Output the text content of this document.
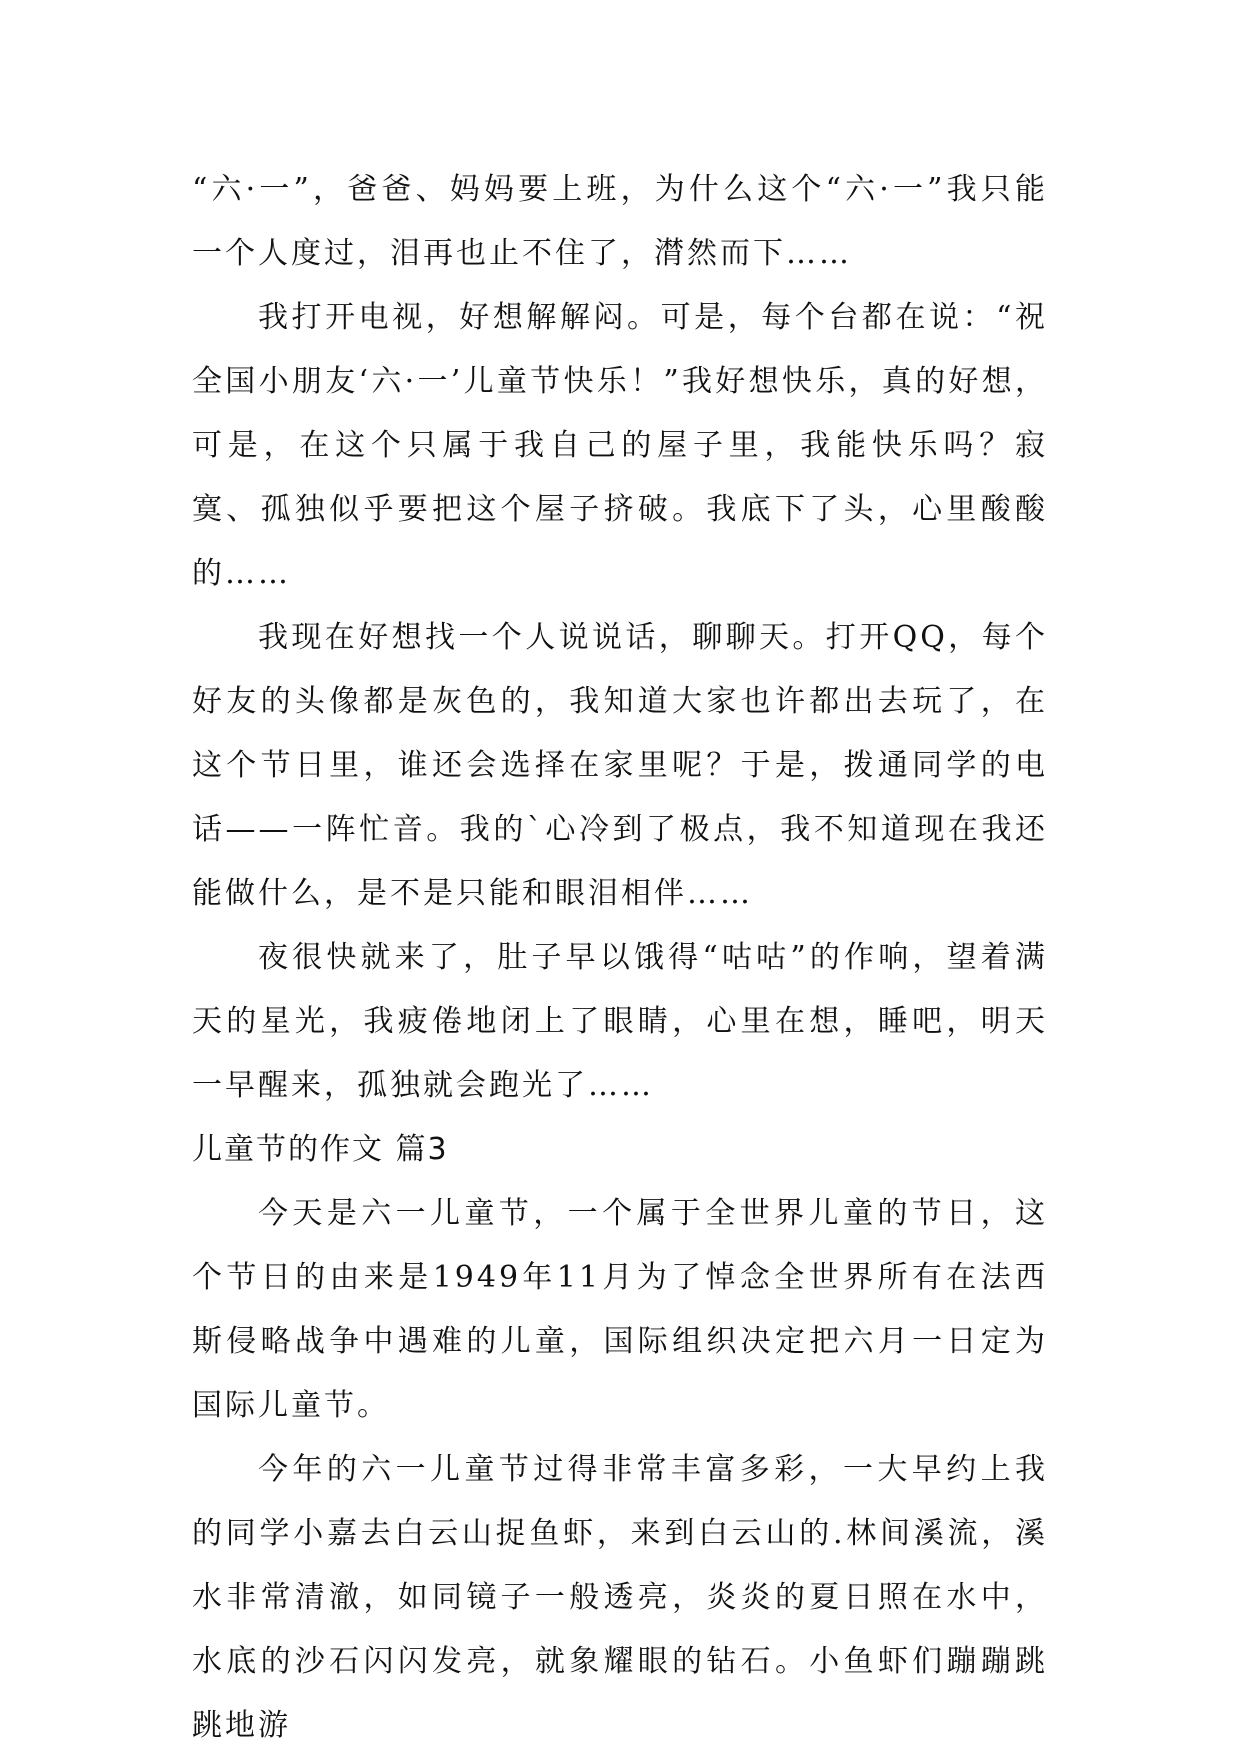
“六·一”，爸爸、妈妈要上班，为什么这个“六·一”我只能一个人度过，泪再也止不住了，潸然而下……

我打开电视，好想解解闷。可是，每个台都在说：“祝全国小朋友‘六·一’儿童节快乐！”我好想快乐，真的好想，可是，在这个只属于我自己的屋子里，我能快乐吗？寂寞、孤独似乎要把这个屋子挤破。我底下了头，心里酸酸的……

我现在好想找一个人说说话，聊聊天。打开QQ，每个好友的头像都是灰色的，我知道大家也许都出去玩了，在这个节日里，谁还会选择在家里呢？于是，拨通同学的电话——一阵忙音。我的`心冷到了极点，我不知道现在我还能做什么，是不是只能和眼泪相伴……

夜很快就来了，肚子早以饿得“咕咕”的作响，望着满天的星光，我疲倦地闭上了眼睛，心里在想，睡吧，明天一早醒来，孤独就会跑光了……

儿童节的作文 篇3

今天是六一儿童节，一个属于全世界儿童的节日，这个节日的由来是1949年11月为了悼念全世界所有在法西斯侵略战争中遇难的儿童，国际组织决定把六月一日定为国际儿童节。

今年的六一儿童节过得非常丰富多彩，一大早约上我的同学小嘉去白云山捉鱼虾，来到白云山的.林间溪流，溪水非常清澈，如同镜子一般透亮，炎炎的夏日照在水中，水底的沙石闪闪发亮，就象耀眼的钻石。小鱼虾们蹦蹦跳跳地游
